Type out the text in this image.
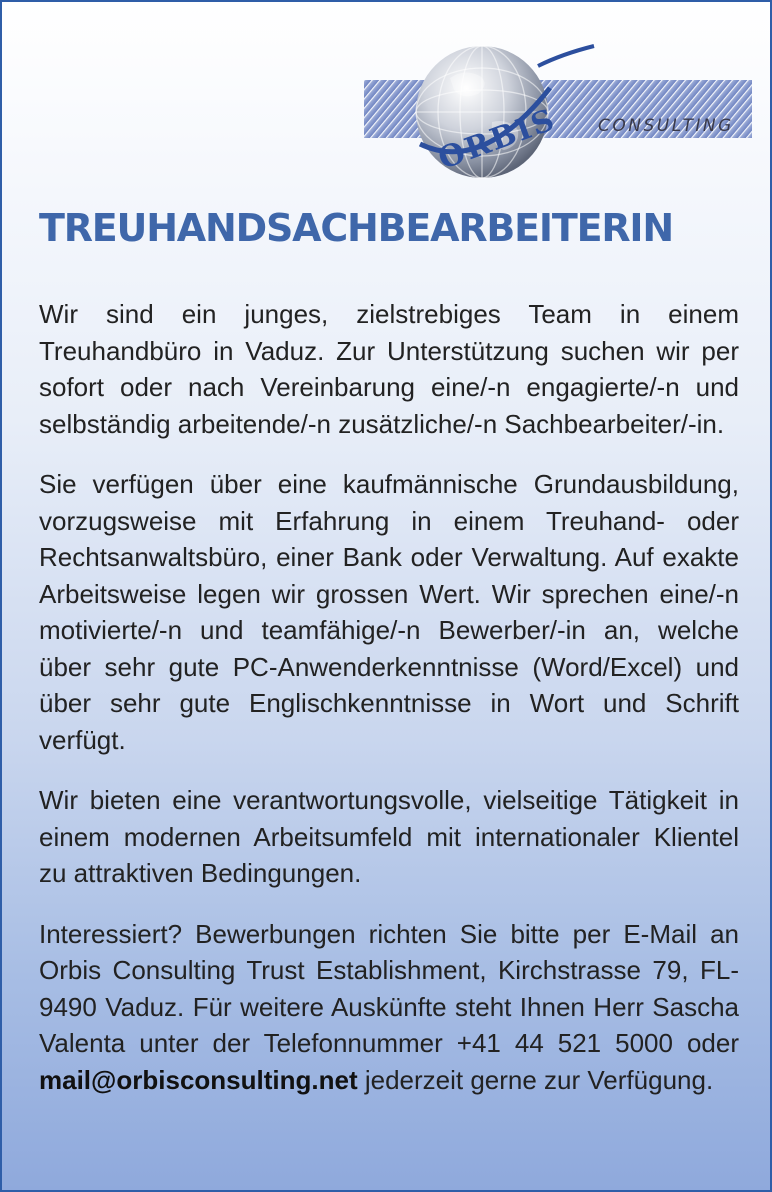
ORBIS CONSULTING
TREUHANDSACHBEARBEITERIN

Wir sind ein junges, zielstrebiges Team in einem Treuhandbüro in Vaduz. Zur Unterstützung suchen wir per sofort oder nach Vereinbarung eine/-n engagierte/-n und selbständig arbeitende/-n zusätzliche/-n Sachbearbeiter/-in.

Sie verfügen über eine kaufmännische Grundausbildung, vorzugsweise mit Erfahrung in einem Treuhand- oder Rechtsanwaltsbüro, einer Bank oder Verwaltung. Auf exakte Arbeitsweise legen wir grossen Wert. Wir sprechen eine/-n motivierte/-n und teamfähige/-n Bewerber/-in an, welche über sehr gute PC-Anwenderkenntnisse (Word/Excel) und über sehr gute Englischkenntnisse in Wort und Schrift verfügt.

Wir bieten eine verantwortungsvolle, vielseitige Tätigkeit in einem modernen Arbeitsumfeld mit internationaler Klientel zu attraktiven Bedingungen.

Interessiert? Bewerbungen richten Sie bitte per E-Mail an Orbis Consulting Trust Establishment, Kirchstrasse 79, FL-9490 Vaduz. Für weitere Auskünfte steht Ihnen Herr Sascha Valenta unter der Telefonnummer +41 44 521 5000 oder mail@orbisconsulting.net jederzeit gerne zur Verfügung.
